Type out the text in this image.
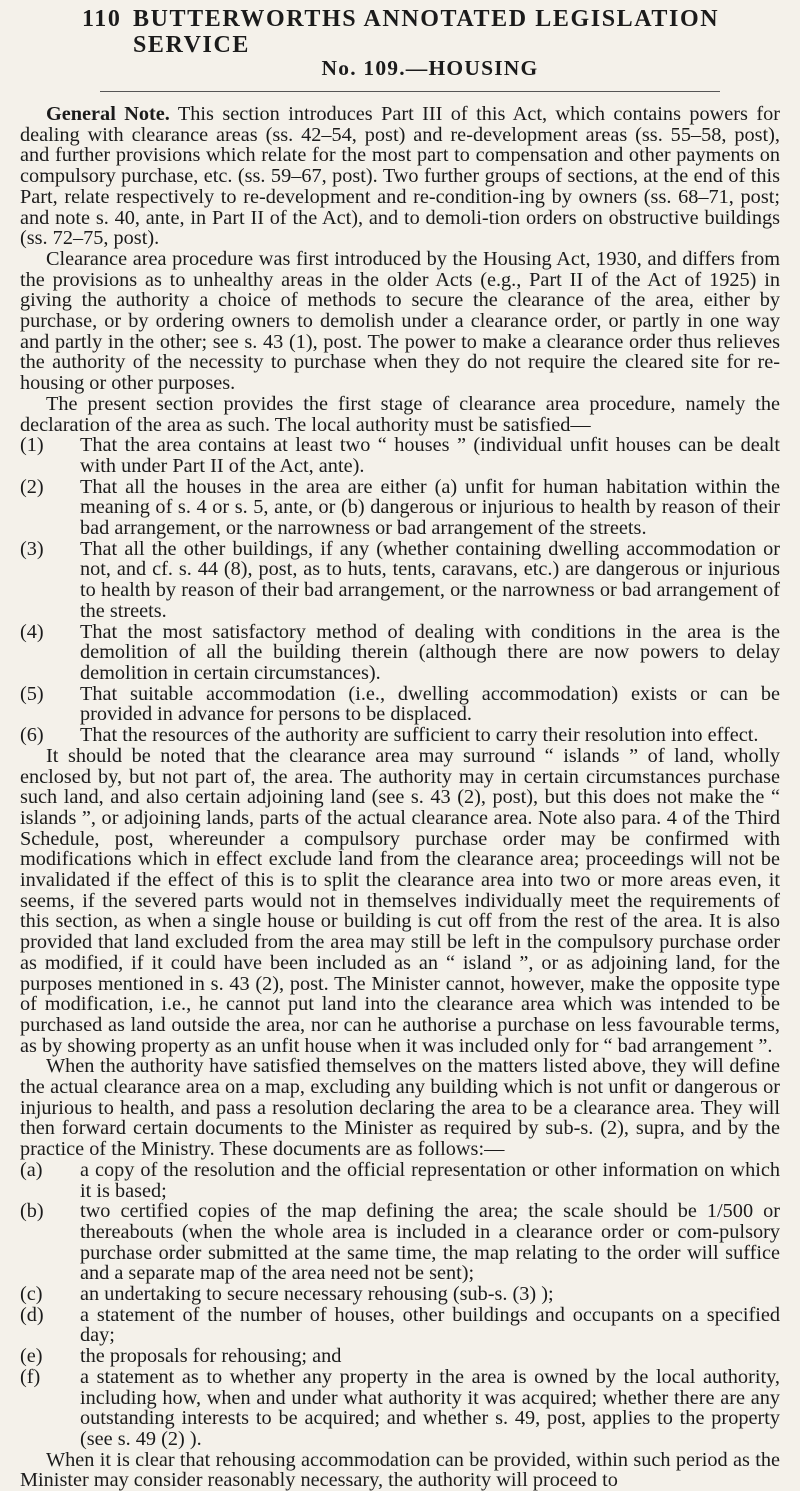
110 BUTTERWORTHS ANNOTATED LEGISLATION SERVICE
No. 109.—HOUSING

General Note. This section introduces Part III of this Act, which contains powers for dealing with clearance areas (ss. 42–54, post) and re-development areas (ss. 55–58, post), and further provisions which relate for the most part to compensation and other payments on compulsory purchase, etc. (ss. 59–67, post). Two further groups of sections, at the end of this Part, relate respectively to re-development and re-condition-ing by owners (ss. 68–71, post; and note s. 40, ante, in Part II of the Act), and to demoli-tion orders on obstructive buildings (ss. 72–75, post).

Clearance area procedure was first introduced by the Housing Act, 1930, and differs from the provisions as to unhealthy areas in the older Acts (e.g., Part II of the Act of 1925) in giving the authority a choice of methods to secure the clearance of the area, either by purchase, or by ordering owners to demolish under a clearance order, or partly in one way and partly in the other; see s. 43 (1), post. The power to make a clearance order thus relieves the authority of the necessity to purchase when they do not require the cleared site for re-housing or other purposes.

The present section provides the first stage of clearance area procedure, namely the declaration of the area as such. The local authority must be satisfied—

(1)	That the area contains at least two “ houses ” (individual unfit houses can be dealt with under Part II of the Act, ante).
(2)	That all the houses in the area are either (a) unfit for human habitation within the meaning of s. 4 or s. 5, ante, or (b) dangerous or injurious to health by reason of their bad arrangement, or the narrowness or bad arrangement of the streets.
(3)	That all the other buildings, if any (whether containing dwelling accommodation or not, and cf. s. 44 (8), post, as to huts, tents, caravans, etc.) are dangerous or injurious to health by reason of their bad arrangement, or the narrowness or bad arrangement of the streets.
(4)	That the most satisfactory method of dealing with conditions in the area is the demolition of all the building therein (although there are now powers to delay demolition in certain circumstances).
(5)	That suitable accommodation (i.e., dwelling accommodation) exists or can be provided in advance for persons to be displaced.
(6)	That the resources of the authority are sufficient to carry their resolution into effect.

It should be noted that the clearance area may surround “ islands ” of land, wholly enclosed by, but not part of, the area. The authority may in certain circumstances purchase such land, and also certain adjoining land (see s. 43 (2), post), but this does not make the “ islands ”, or adjoining lands, parts of the actual clearance area. Note also para. 4 of the Third Schedule, post, whereunder a compulsory purchase order may be confirmed with modifications which in effect exclude land from the clearance area; proceedings will not be invalidated if the effect of this is to split the clearance area into two or more areas even, it seems, if the severed parts would not in themselves individually meet the requirements of this section, as when a single house or building is cut off from the rest of the area. It is also provided that land excluded from the area may still be left in the compulsory purchase order as modified, if it could have been included as an “ island ”, or as adjoining land, for the purposes mentioned in s. 43 (2), post. The Minister cannot, however, make the opposite type of modification, i.e., he cannot put land into the clearance area which was intended to be purchased as land outside the area, nor can he authorise a purchase on less favourable terms, as by showing property as an unfit house when it was included only for “ bad arrangement ”.

When the authority have satisfied themselves on the matters listed above, they will define the actual clearance area on a map, excluding any building which is not unfit or dangerous or injurious to health, and pass a resolution declaring the area to be a clearance area. They will then forward certain documents to the Minister as required by sub-s. (2), supra, and by the practice of the Ministry. These documents are as follows:—

(a)	a copy of the resolution and the official representation or other information on which it is based;
(b)	two certified copies of the map defining the area; the scale should be 1/500 or thereabouts (when the whole area is included in a clearance order or com-pulsory purchase order submitted at the same time, the map relating to the order will suffice and a separate map of the area need not be sent);
(c)	an undertaking to secure necessary rehousing (sub-s. (3) );
(d)	a statement of the number of houses, other buildings and occupants on a specified day;
(e)	the proposals for rehousing; and
(f)	a statement as to whether any property in the area is owned by the local authority, including how, when and under what authority it was acquired; whether there are any outstanding interests to be acquired; and whether s. 49, post, applies to the property (see s. 49 (2) ).

When it is clear that rehousing accommodation can be provided, within such period as the Minister may consider reasonably necessary, the authority will proceed to
